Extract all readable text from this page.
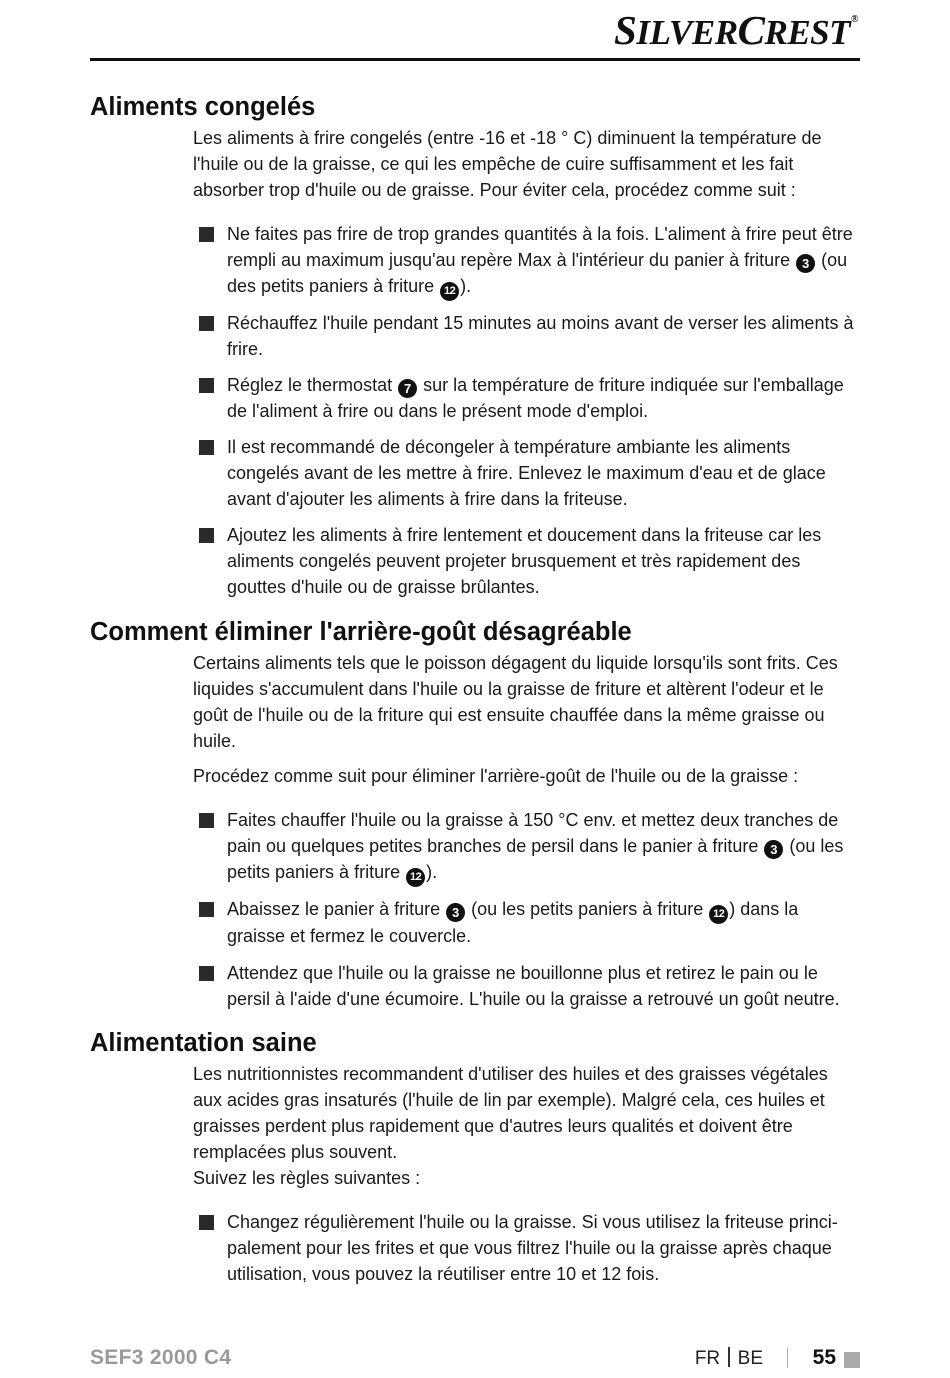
SILVERCREST®
Aliments congelés

Les aliments à frire congelés (entre -16 et -18 ° C) diminuent la température de l'huile ou de la graisse, ce qui les empêche de cuire suffisamment et les fait absorber trop d'huile ou de graisse. Pour éviter cela, procédez comme suit :

Ne faites pas frire de trop grandes quantités à la fois. L'aliment à frire peut être rempli au maximum jusqu'au repère Max à l'intérieur du panier à friture 3 (ou des petits paniers à friture 12 ).
Réchauffez l'huile pendant 15 minutes au moins avant de verser les aliments à frire.
Réglez le thermostat 7 sur la température de friture indiquée sur l'emballage de l'aliment à frire ou dans le présent mode d'emploi.
Il est recommandé de décongeler à température ambiante les aliments congelés avant de les mettre à frire. Enlevez le maximum d'eau et de glace avant d'ajouter les aliments à frire dans la friteuse.
Ajoutez les aliments à frire lentement et doucement dans la friteuse car les aliments congelés peuvent projeter brusquement et très rapidement des gouttes d'huile ou de graisse brûlantes.
Comment éliminer l'arrière-goût désagréable

Certains aliments tels que le poisson dégagent du liquide lorsqu'ils sont frits. Ces liquides s'accumulent dans l'huile ou la graisse de friture et altèrent l'odeur et le goût de l'huile ou de la friture qui est ensuite chauffée dans la même graisse ou huile.

Procédez comme suit pour éliminer l'arrière-goût de l'huile ou de la graisse :

Faites chauffer l'huile ou la graisse à 150 °C env. et mettez deux tranches de pain ou quelques petites branches de persil dans le panier à friture 3 (ou les petits paniers à friture 12 ).
Abaissez le panier à friture 3 (ou les petits paniers à friture 12 ) dans la graisse et fermez le couvercle.
Attendez que l'huile ou la graisse ne bouillonne plus et retirez le pain ou le persil à l'aide d'une écumoire. L'huile ou la graisse a retrouvé un goût neutre.
Alimentation saine

Les nutritionnistes recommandent d'utiliser des huiles et des graisses végétales aux acides gras insaturés (l'huile de lin par exemple). Malgré cela, ces huiles et graisses perdent plus rapidement que d'autres leurs qualités et doivent être remplacées plus souvent.

Suivez les règles suivantes :

Changez régulièrement l'huile ou la graisse. Si vous utilisez la friteuse princi-palement pour les frites et que vous filtrez l'huile ou la graisse après chaque utilisation, vous pouvez la réutiliser entre 10 et 12 fois.
SEF3 2000 C4	FR BE 55
